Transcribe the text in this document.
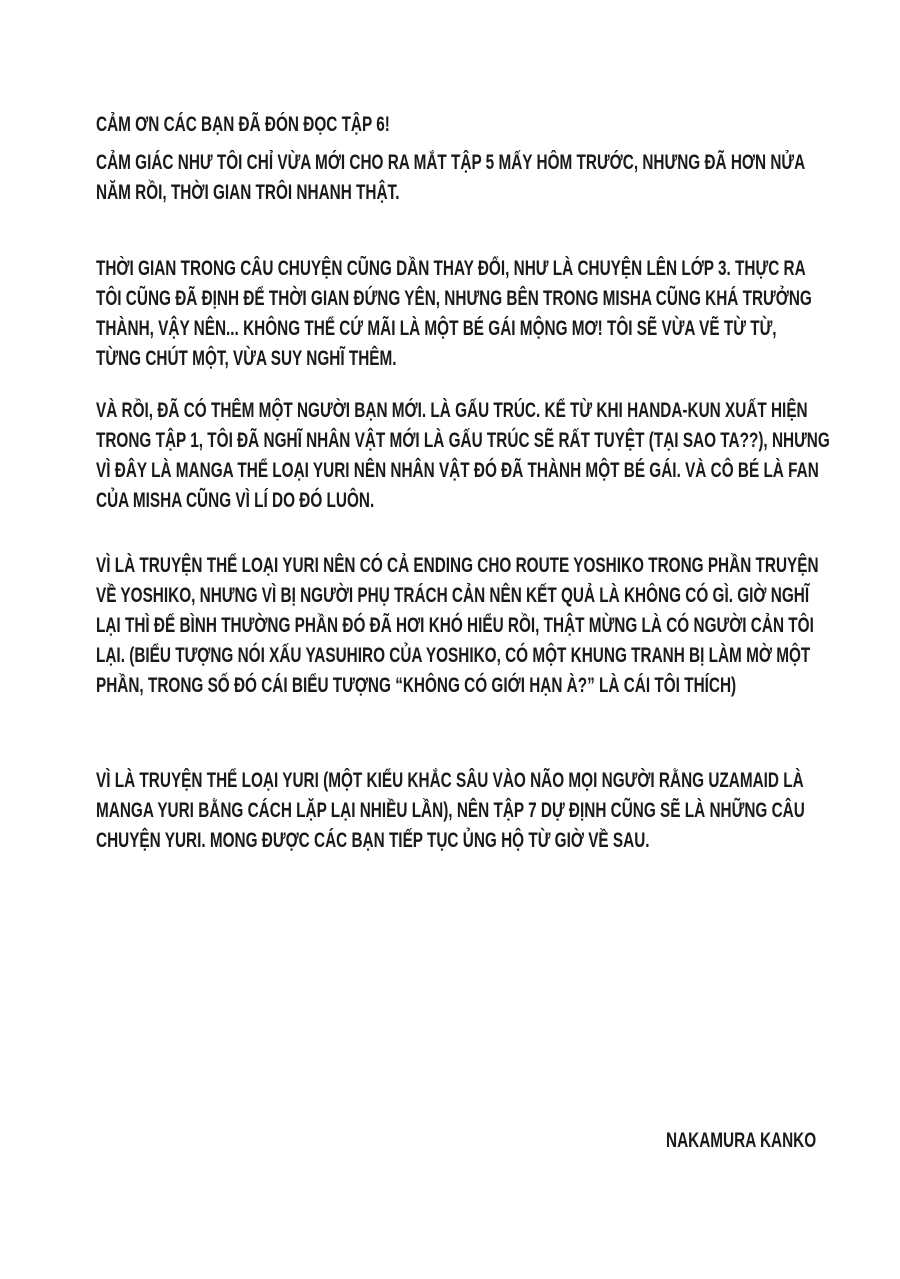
CẢM ƠN CÁC BẠN ĐÃ ĐÓN ĐỌC TẬP 6!
CẢM GIÁC NHƯ TÔI CHỈ VỪA MỚI CHO RA MẮT TẬP 5 MẤY HÔM TRƯỚC, NHƯNG ĐÃ HƠN NỬA
NĂM RỒI, THỜI GIAN TRÔI NHANH THẬT.
THỜI GIAN TRONG CÂU CHUYỆN CŨNG DẦN THAY ĐỔI, NHƯ LÀ CHUYỆN LÊN LỚP 3. THỰC RA
TÔI CŨNG ĐÃ ĐỊNH ĐỂ THỜI GIAN ĐỨNG YÊN, NHƯNG BÊN TRONG MISHA CŨNG KHÁ TRƯỞNG
THÀNH, VẬY NÊN... KHÔNG THỂ CỨ MÃI LÀ MỘT BÉ GÁI MỘNG MƠ! TÔI SẼ VỪA VẼ TỪ TỪ,
TỪNG CHÚT MỘT, VỪA SUY NGHĨ THÊM.
VÀ RỒI, ĐÃ CÓ THÊM MỘT NGƯỜI BẠN MỚI. LÀ GẤU TRÚC. KỂ TỪ KHI HANDA-KUN XUẤT HIỆN
TRONG TẬP 1, TÔI ĐÃ NGHĨ NHÂN VẬT MỚI LÀ GẤU TRÚC SẼ RẤT TUYỆT (TẠI SAO TA??), NHƯNG
VÌ ĐÂY LÀ MANGA THỂ LOẠI YURI NÊN NHÂN VẬT ĐÓ ĐÃ THÀNH MỘT BÉ GÁI. VÀ CÔ BÉ LÀ FAN
CỦA MISHA CŨNG VÌ LÍ DO ĐÓ LUÔN.
VÌ LÀ TRUYỆN THỂ LOẠI YURI NÊN CÓ CẢ ENDING CHO ROUTE YOSHIKO TRONG PHẦN TRUYỆN
VỀ YOSHIKO, NHƯNG VÌ BỊ NGƯỜI PHỤ TRÁCH CẢN NÊN KẾT QUẢ LÀ KHÔNG CÓ GÌ. GIỜ NGHĨ
LẠI THÌ ĐỂ BÌNH THƯỜNG PHẦN ĐÓ ĐÃ HƠI KHÓ HIỂU RỒI, THẬT MỪNG LÀ CÓ NGƯỜI CẢN TÔI
LẠI. (BIỂU TƯỢNG NÓI XẤU YASUHIRO CỦA YOSHIKO, CÓ MỘT KHUNG TRANH BỊ LÀM MỜ MỘT
PHẦN, TRONG SỐ ĐÓ CÁI BIỂU TƯỢNG “KHÔNG CÓ GIỚI HẠN À?” LÀ CÁI TÔI THÍCH)
VÌ LÀ TRUYỆN THỂ LOẠI YURI (MỘT KIỂU KHẮC SÂU VÀO NÃO MỌI NGƯỜI RẰNG UZAMAID LÀ
MANGA YURI BẰNG CÁCH LẶP LẠI NHIỀU LẦN), NÊN TẬP 7 DỰ ĐỊNH CŨNG SẼ LÀ NHỮNG CÂU
CHUYỆN YURI. MONG ĐƯỢC CÁC BẠN TIẾP TỤC ỦNG HỘ TỪ GIỜ VỀ SAU.
NAKAMURA KANKO
